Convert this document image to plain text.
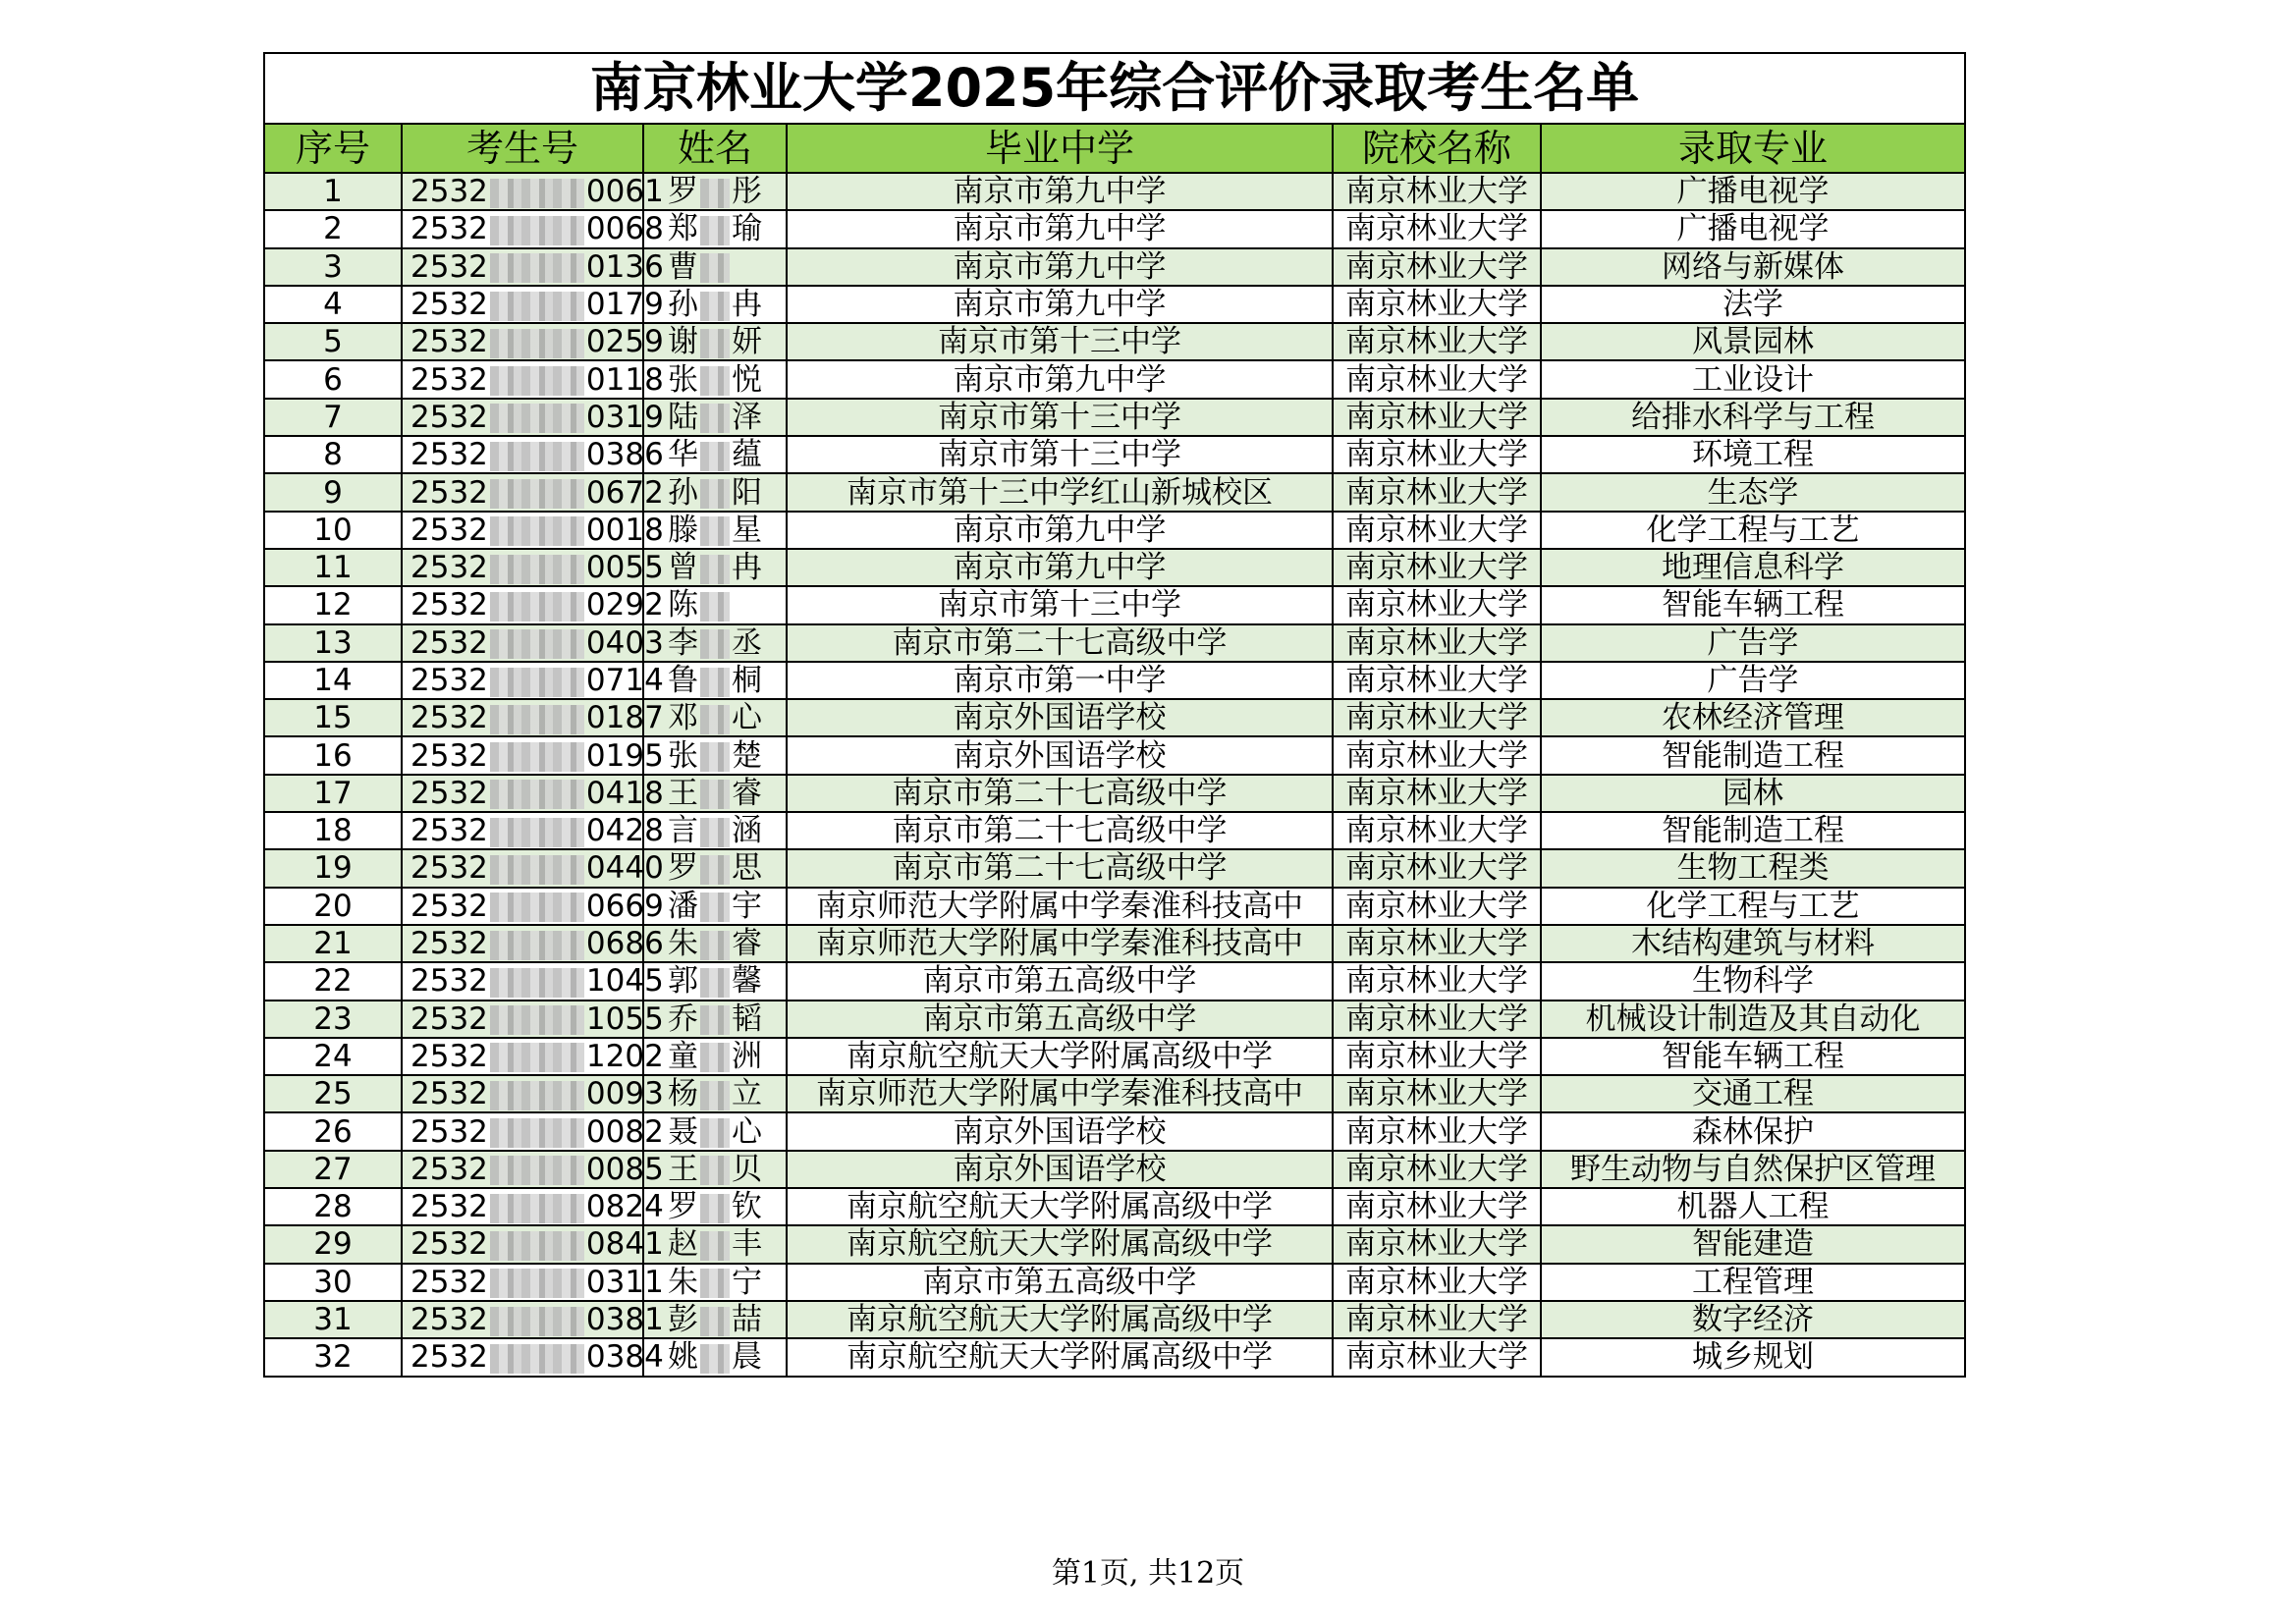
南京林业大学2025年综合评价录取考生名单					
序号	考生号	姓名	毕业中学	院校名称	录取专业
1	2532 0061	罗 彤	南京市第九中学	南京林业大学	广播电视学
2	2532 0068	郑 瑜	南京市第九中学	南京林业大学	广播电视学
3	2532 0136	曹	南京市第九中学	南京林业大学	网络与新媒体
4	2532 0179	孙 冉	南京市第九中学	南京林业大学	法学
5	2532 0259	谢 妍	南京市第十三中学	南京林业大学	风景园林
6	2532 0118	张 悦	南京市第九中学	南京林业大学	工业设计
7	2532 0319	陆 泽	南京市第十三中学	南京林业大学	给排水科学与工程
8	2532 0386	华 蕴	南京市第十三中学	南京林业大学	环境工程
9	2532 0672	孙 阳	南京市第十三中学红山新城校区	南京林业大学	生态学
10	2532 0018	滕 星	南京市第九中学	南京林业大学	化学工程与工艺
11	2532 0055	曾 冉	南京市第九中学	南京林业大学	地理信息科学
12	2532 0292	陈	南京市第十三中学	南京林业大学	智能车辆工程
13	2532 0403	李 丞	南京市第二十七高级中学	南京林业大学	广告学
14	2532 0714	鲁 桐	南京市第一中学	南京林业大学	广告学
15	2532 0187	邓 心	南京外国语学校	南京林业大学	农林经济管理
16	2532 0195	张 楚	南京外国语学校	南京林业大学	智能制造工程
17	2532 0418	王 睿	南京市第二十七高级中学	南京林业大学	园林
18	2532 0428	言 涵	南京市第二十七高级中学	南京林业大学	智能制造工程
19	2532 0440	罗 思	南京市第二十七高级中学	南京林业大学	生物工程类
20	2532 0669	潘 宇	南京师范大学附属中学秦淮科技高中	南京林业大学	化学工程与工艺
21	2532 0686	朱 睿	南京师范大学附属中学秦淮科技高中	南京林业大学	木结构建筑与材料
22	2532 1045	郭 馨	南京市第五高级中学	南京林业大学	生物科学
23	2532 1055	乔 韬	南京市第五高级中学	南京林业大学	机械设计制造及其自动化
24	2532 1202	童 洲	南京航空航天大学附属高级中学	南京林业大学	智能车辆工程
25	2532 0093	杨 立	南京师范大学附属中学秦淮科技高中	南京林业大学	交通工程
26	2532 0082	聂 心	南京外国语学校	南京林业大学	森林保护
27	2532 0085	王 贝	南京外国语学校	南京林业大学	野生动物与自然保护区管理
28	2532 0824	罗 钦	南京航空航天大学附属高级中学	南京林业大学	机器人工程
29	2532 0841	赵 丰	南京航空航天大学附属高级中学	南京林业大学	智能建造
30	2532 0311	朱 宁	南京市第五高级中学	南京林业大学	工程管理
31	2532 0381	彭 喆	南京航空航天大学附属高级中学	南京林业大学	数字经济
32	2532 0384	姚 晨	南京航空航天大学附属高级中学	南京林业大学	城乡规划
第1页, 共12页
